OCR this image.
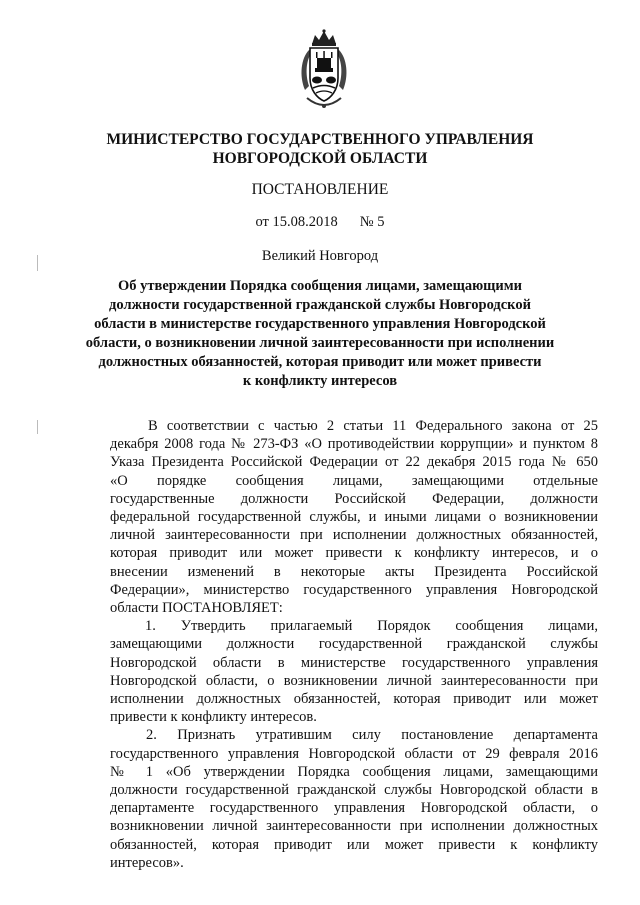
МИНИСТЕРСТВО ГОСУДАРСТВЕННОГО УПРАВЛЕНИЯ
НОВГОРОДСКОЙ ОБЛАСТИ
ПОСТАНОВЛЕНИЕ
от 15.08.2018 № 5
Великий Новгород
Об утверждении Порядка сообщения лицами, замещающими
должности государственной гражданской службы Новгородской
области в министерстве государственного управления Новгородской
области, о возникновении личной заинтересованности при исполнении
должностных обязанностей, которая приводит или может привести
к конфликту интересов
В соответствии с частью 2 статьи 11 Федерального закона от 25
декабря 2008 года № 273-ФЗ «О противодействии коррупции» и пунктом 8
Указа Президента Российской Федерации от 22 декабря 2015 года № 650
«О порядке сообщения лицами, замещающими отдельные
государственные должности Российской Федерации, должности
федеральной государственной службы, и иными лицами о возникновении
личной заинтересованности при исполнении должностных обязанностей,
которая приводит или может привести к конфликту интересов, и о
внесении изменений в некоторые акты Президента Российской
Федерации», министерство государственного управления Новгородской
области ПОСТАНОВЛЯЕТ:
1. Утвердить прилагаемый Порядок сообщения лицами,
замещающими должности государственной гражданской службы
Новгородской области в министерстве государственного управления
Новгородской области, о возникновении личной заинтересованности при
исполнении должностных обязанностей, которая приводит или может
привести к конфликту интересов.
2. Признать утратившим силу постановление департамента
государственного управления Новгородской области от 29 февраля 2016
№ 1 «Об утверждении Порядка сообщения лицами, замещающими
должности государственной гражданской службы Новгородской области в
департаменте государственного управления Новгородской области, о
возникновении личной заинтересованности при исполнении должностных
обязанностей, которая приводит или может привести к конфликту
интересов».
